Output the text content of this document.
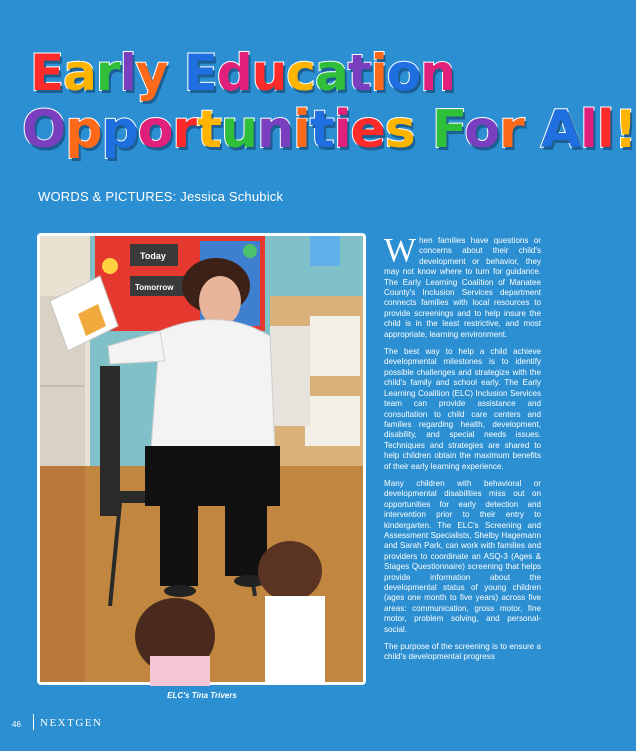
Early Education
Opportunities For All!
WORDS & PICTURES: Jessica Schubick
Today
Tomorrow
ELC's Tina Trivers

When families have questions or concerns about their child's development or behavior, they may not know where to turn for guidance. The Early Learning Coalition of Manatee County's Inclusion Services department connects families with local resources to provide screenings and to help insure the child is in the least restrictive, and most appropriate, learning environment.

The best way to help a child achieve developmental milestones is to identify possible challenges and strategize with the child's family and school early. The Early Learning Coalition (ELC) Inclusion Services team can provide assistance and consultation to child care centers and families regarding health, development, disability, and special needs issues. Techniques and strategies are shared to help children obtain the maximum benefits of their early learning experience.

Many children with behavioral or developmental disabilities miss out on opportunities for early detection and intervention prior to their entry to kindergarten. The ELC's Screening and Assessment Specialists, Shelby Hagemann and Sarah Park, can work with families and providers to coordinate an ASQ-3 (Ages & Stages Questionnaire) screening that helps provide information about the developmental status of young children (ages one month to five years) across five areas: communication, gross motor, fine motor, problem solving, and personal-social.

The purpose of the screening is to ensure a child's developmental progress

46 NEXTGEN
